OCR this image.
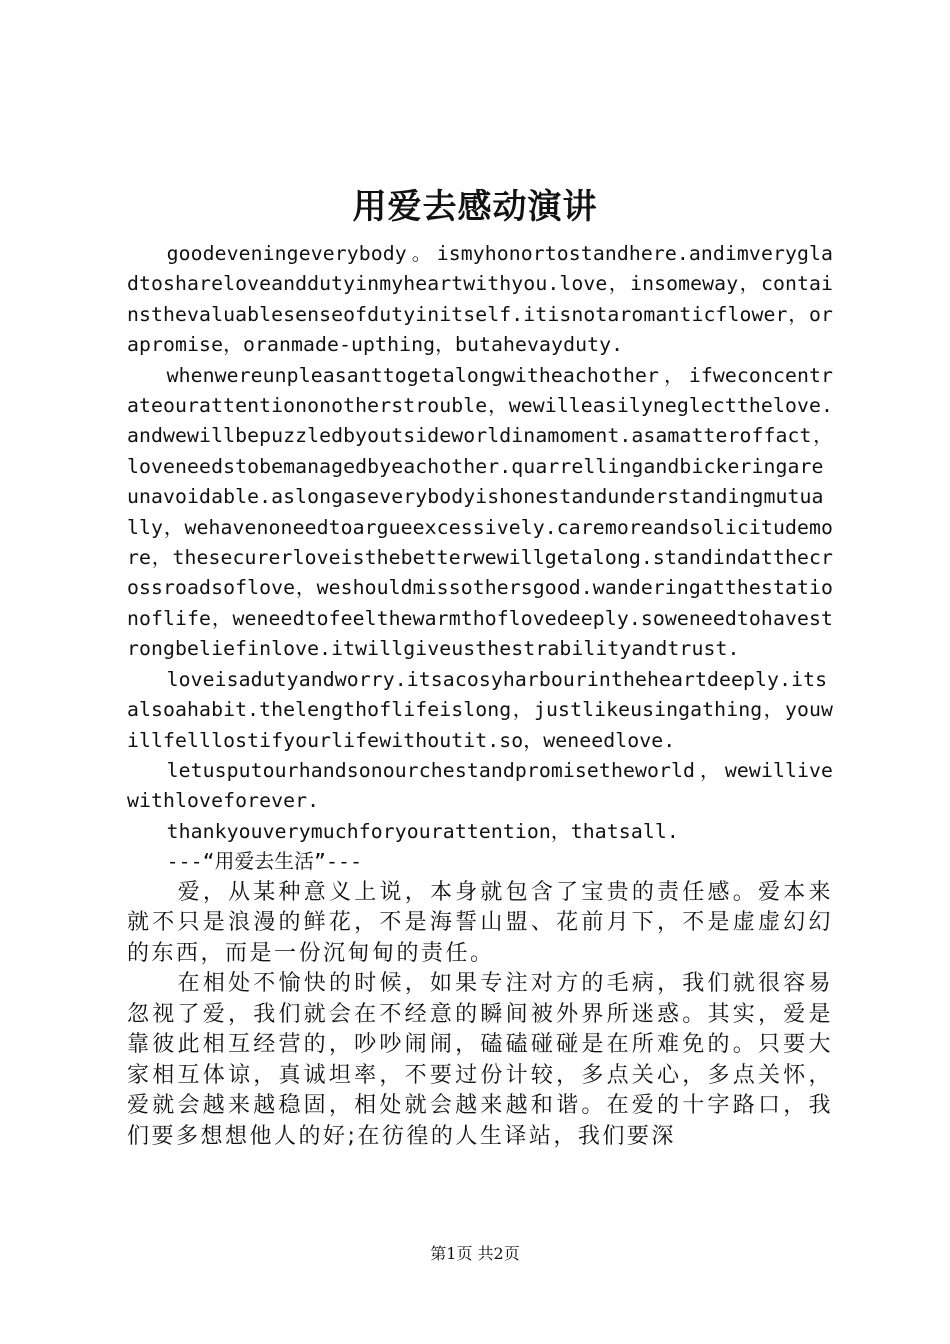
用爱去感动演讲

goodeveningeverybody。ismyhonortostandhere.andimverygladtoshareloveanddutyinmyheartwithyou.love，insomeway，containsthevaluablesenseofdutyinitself.itisnotaromanticflower，orapromise，oranmade-upthing，butahevayduty.

whenwereunpleasanttogetalongwitheachother，ifweconcentrateourattentiononotherstrouble，wewilleasilyneglectthelove.andwewillbepuzzledbyoutsideworldinamoment.asamatteroffact，loveneedstobemanagedbyeachother.quarrellingandbickeringareunavoidable.aslongaseverybodyishonestandunderstandingmutually，wehavenoneedtoargueexcessively.caremoreandsolicitudemore，thesecurerloveisthebetterwewillgetalong.standindatthecrossroadsoflove，weshouldmissothersgood.wanderingatthestationoflife，weneedtofeelthewarmthoflovedeeply.soweneedtohavestrongbeliefinlove.itwillgiveusthestrabilityandtrust.

loveisadutyandworry.itsacosyharbourintheheartdeeply.itsalsoahabit.thelengthoflifeislong，justlikeusingathing，youwillfelllostifyourlifewithoutit.so，weneedlove.

letusputourhandsonourchestandpromisetheworld，wewillivewithloveforever.

thankyouverymuchforyourattention，thatsall.

---“用爱去生活”---

爱，从某种意义上说，本身就包含了宝贵的责任感。爱本来就不只是浪漫的鲜花，不是海誓山盟、花前月下，不是虚虚幻幻的东西，而是一份沉甸甸的责任。

在相处不愉快的时候，如果专注对方的毛病，我们就很容易忽视了爱，我们就会在不经意的瞬间被外界所迷惑。其实，爱是靠彼此相互经营的，吵吵闹闹，磕磕碰碰是在所难免的。只要大家相互体谅，真诚坦率，不要过份计较，多点关心，多点关怀，爱就会越来越稳固，相处就会越来越和谐。在爱的十字路口，我们要多想想他人的好;在彷徨的人生译站，我们要深

第1页 共2页
